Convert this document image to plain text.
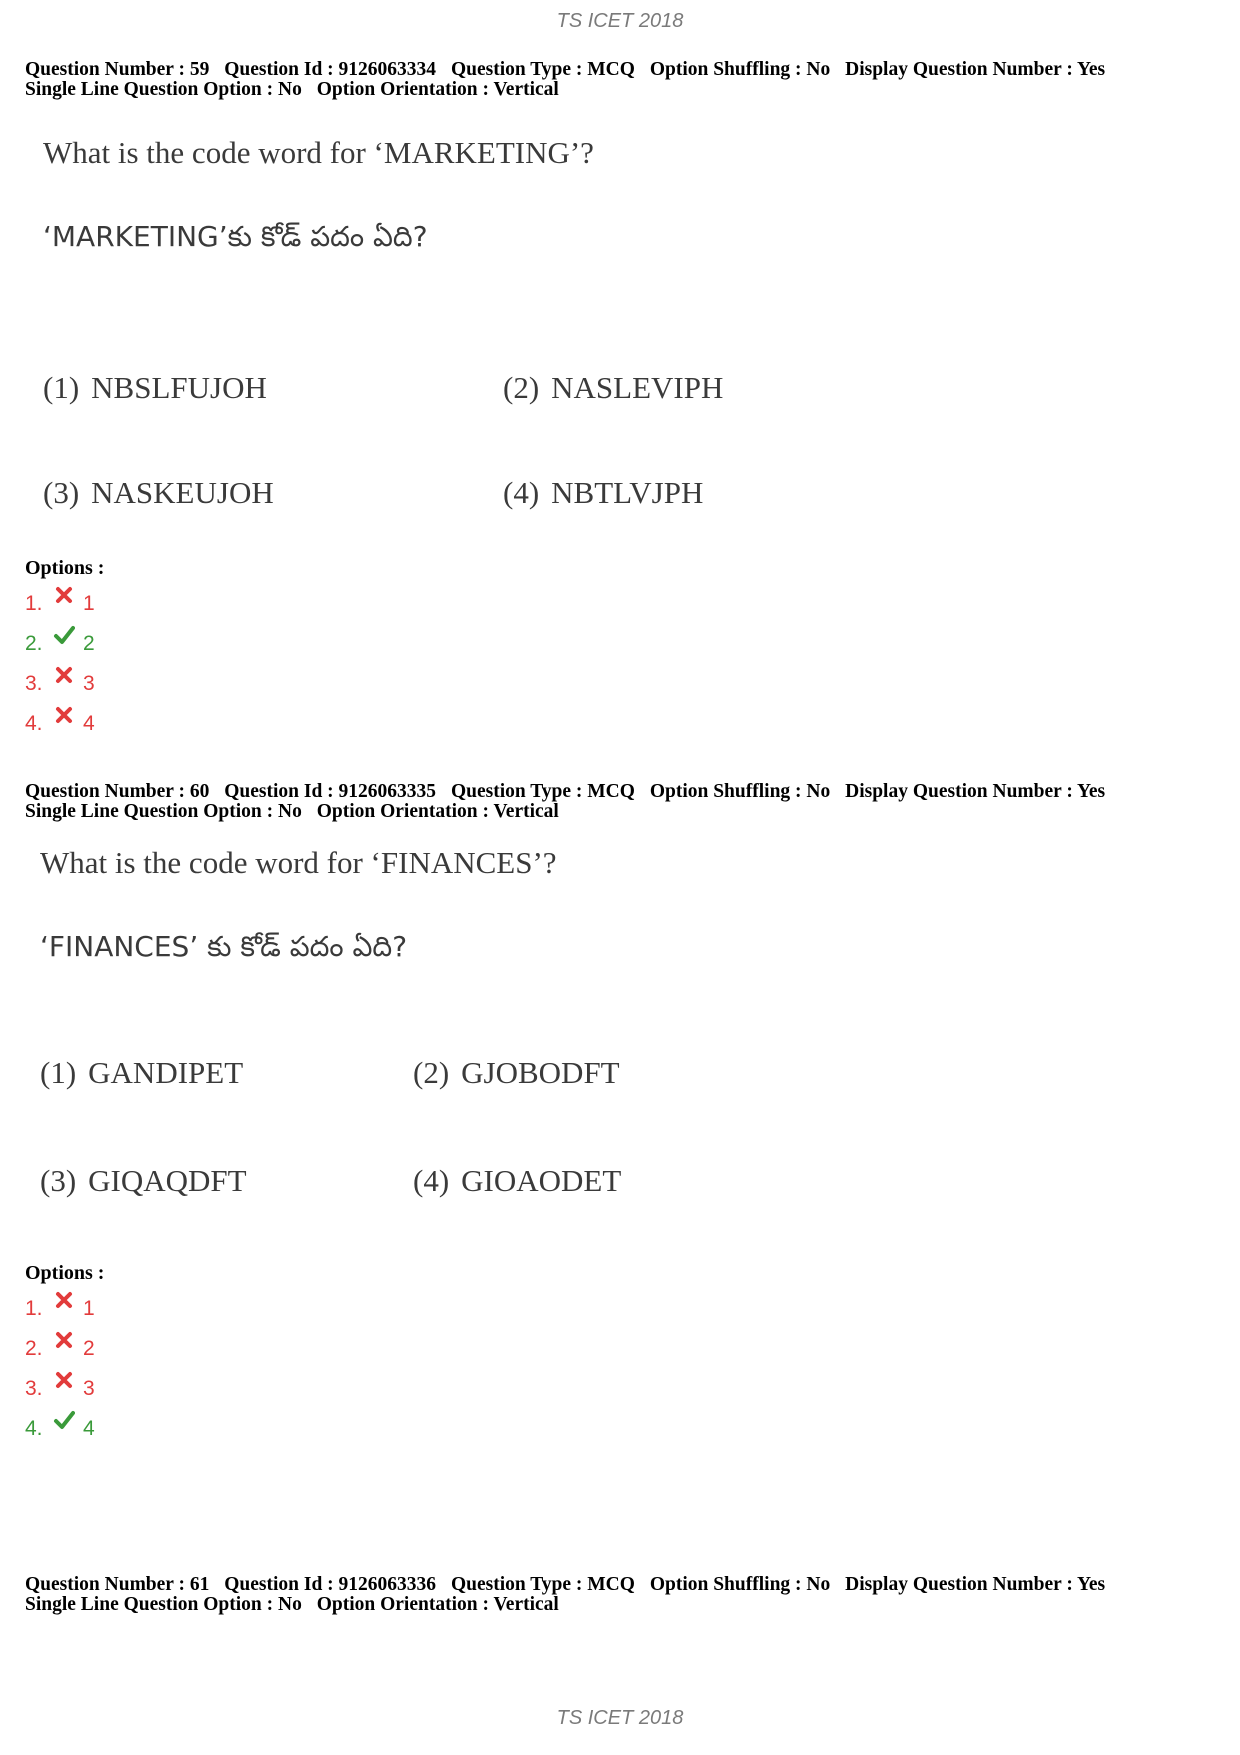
TS ICET 2018
Question Number : 59 Question Id : 9126063334 Question Type : MCQ Option Shuffling : No Display Question Number : Yes
Single Line Question Option : No Option Orientation : Vertical
What is the code word for ‘MARKETING’?
‘MARKETING’కు కోడ్ పదం ఏది?
(1) NBSLFUJOH	(2) NASLEVIPH
(3) NASKEUJOH	(4) NBTLVJPH
Options :
1. 1
2. 2
3. 3
4. 4
Question Number : 60 Question Id : 9126063335 Question Type : MCQ Option Shuffling : No Display Question Number : Yes
Single Line Question Option : No Option Orientation : Vertical
What is the code word for ‘FINANCES’?
‘FINANCES’ కు కోడ్ పదం ఏది?
(1) GANDIPET	(2) GJOBODFT
(3) GIQAQDFT	(4) GIOAODET
Options :
1. 1
2. 2
3. 3
4. 4
Question Number : 61 Question Id : 9126063336 Question Type : MCQ Option Shuffling : No Display Question Number : Yes
Single Line Question Option : No Option Orientation : Vertical
TS ICET 2018
